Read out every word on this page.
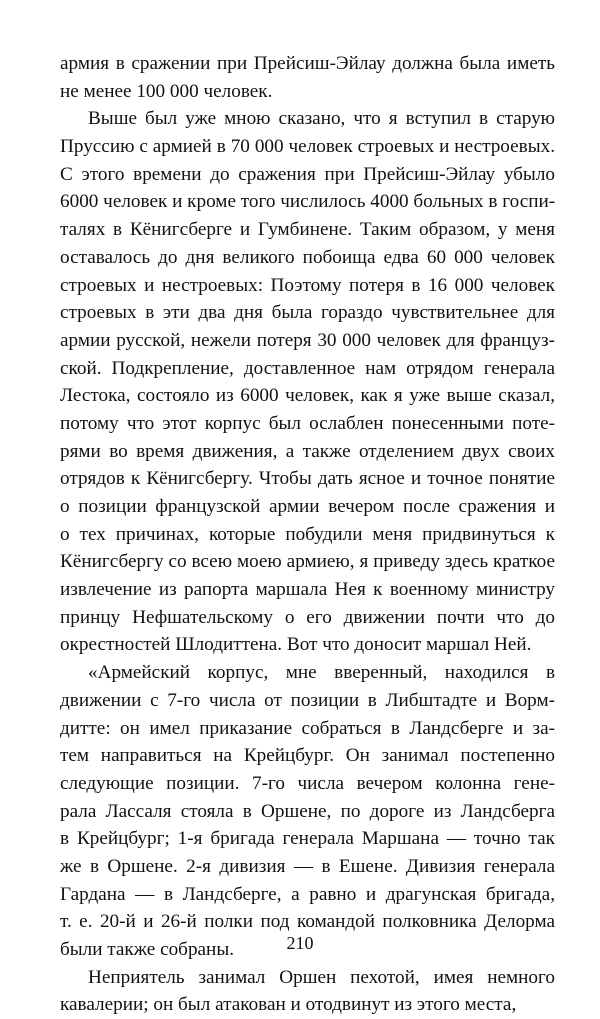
армия в сражении при Прейсиш-Эйлау должна была иметь
не менее 100 000 человек.
Выше был уже мною сказано, что я вступил в старую
Пруссию с армией в 70 000 человек строевых и нестроевых.
С этого времени до сражения при Прейсиш-Эйлау убыло
6000 человек и кроме того числилось 4000 больных в госпи-
талях в Кёнигсберге и Гумбинене. Таким образом, у меня
оставалось до дня великого побоища едва 60 000 человек
строевых и нестроевых: Поэтому потеря в 16 000 человек
строевых в эти два дня была гораздо чувствительнее для
армии русской, нежели потеря 30 000 человек для француз-
ской. Подкрепление, доставленное нам отрядом генерала
Лестока, состояло из 6000 человек, как я уже выше сказал,
потому что этот корпус был ослаблен понесенными поте-
рями во время движения, а также отделением двух своих
отрядов к Кёнигсбергу. Чтобы дать ясное и точное понятие
о позиции французской армии вечером после сражения и
о тех причинах, которые побудили меня придвинуться к
Кёнигсбергу со всею моею армиею, я приведу здесь краткое
извлечение из рапорта маршала Нея к военному министру
принцу Нефшательскому о его движении почти что до
окрестностей Шлодиттена. Вот что доносит маршал Ней.
«Армейский корпус, мне вверенный, находился в
движении с 7-го числа от позиции в Либштадте и Ворм-
дитте: он имел приказание собраться в Ландсберге и за-
тем направиться на Крейцбург. Он занимал постепенно
следующие позиции. 7-го числа вечером колонна гене-
рала Лассаля стояла в Оршене, по дороге из Ландсберга
в Крейцбург; 1-я бригада генерала Маршана — точно так
же в Оршене. 2-я дивизия — в Ешене. Дивизия генерала
Гардана — в Ландсберге, а равно и драгунская бригада,
т. е. 20-й и 26-й полки под командой полковника Делорма
были также собраны.
Неприятель занимал Оршен пехотой, имея немного
кавалерии; он был атакован и отодвинут из этого места,
210
